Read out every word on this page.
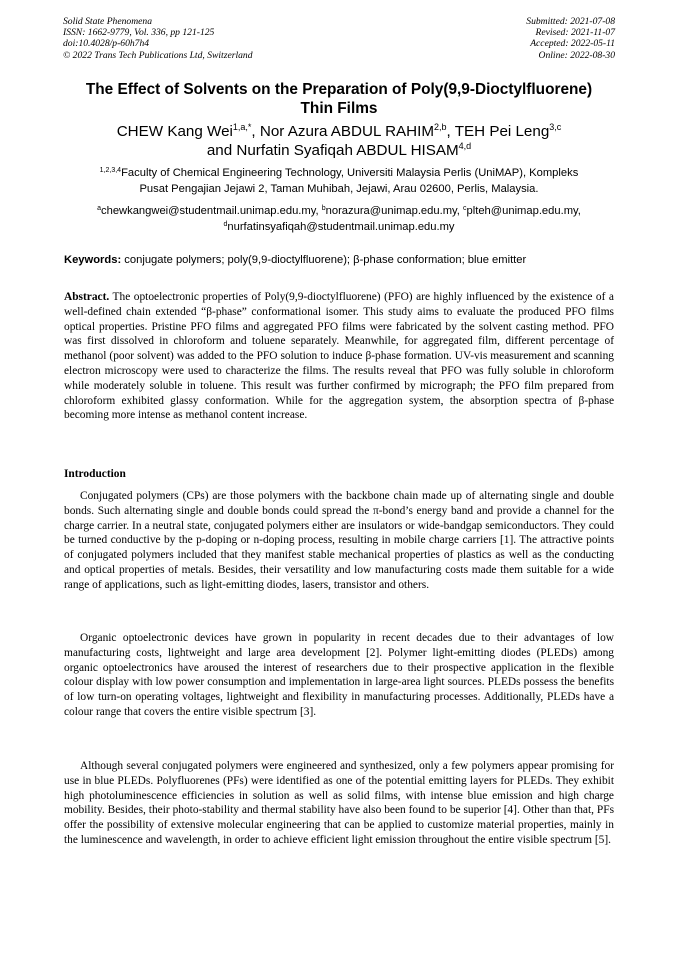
Solid State Phenomena
ISSN: 1662-9779, Vol. 336, pp 121-125
doi:10.4028/p-60h7h4
© 2022 Trans Tech Publications Ltd, Switzerland
Submitted: 2021-07-08
Revised: 2021-11-07
Accepted: 2022-05-11
Online: 2022-08-30
The Effect of Solvents on the Preparation of Poly(9,9-Dioctylfluorene)
Thin Films
CHEW Kang Wei$^{1,a,*}$, Nor Azura ABDUL RAHIM$^{2,b}$, TEH Pei Leng$^{3,c}$
and Nurfatin Syafiqah ABDUL HISAM$^{4,d}$
$^{1,2,3,4}$Faculty of Chemical Engineering Technology, Universiti Malaysia Perlis (UniMAP), Kompleks
Pusat Pengajian Jejawi 2, Taman Muhibah, Jejawi, Arau 02600, Perlis, Malaysia.
$^a$chewkangwei@studentmail.unimap.edu.my, $^b$norazura@unimap.edu.my, $^c$plteh@unimap.edu.my,
$^d$nurfatinsyafiqah@studentmail.unimap.edu.my
Keywords: conjugate polymers; poly(9,9-dioctylfluorene); β-phase conformation; blue emitter
Abstract. The optoelectronic properties of Poly(9,9-dioctylfluorene) (PFO) are highly influenced by the existence of a well-defined chain extended “β-phase” conformational isomer. This study aims to evaluate the produced PFO films optical properties. Pristine PFO films and aggregated PFO films were fabricated by the solvent casting method. PFO was first dissolved in chloroform and toluene separately. Meanwhile, for aggregated film, different percentage of methanol (poor solvent) was added to the PFO solution to induce β-phase formation. UV-vis measurement and scanning electron microscopy were used to characterize the films. The results reveal that PFO was fully soluble in chloroform while moderately soluble in toluene. This result was further confirmed by micrograph; the PFO film prepared from chloroform exhibited glassy conformation. While for the aggregation system, the absorption spectra of β-phase becoming more intense as methanol content increase.
Introduction
Conjugated polymers (CPs) are those polymers with the backbone chain made up of alternating single and double bonds. Such alternating single and double bonds could spread the π-bond’s energy band and provide a channel for the charge carrier. In a neutral state, conjugated polymers either are insulators or wide-bandgap semiconductors. They could be turned conductive by the p-doping or n-doping process, resulting in mobile charge carriers [1]. The attractive points of conjugated polymers included that they manifest stable mechanical properties of plastics as well as the conducting and optical properties of metals. Besides, their versatility and low manufacturing costs made them suitable for a wide range of applications, such as light-emitting diodes, lasers, transistor and others.
Organic optoelectronic devices have grown in popularity in recent decades due to their advantages of low manufacturing costs, lightweight and large area development [2]. Polymer light-emitting diodes (PLEDs) among organic optoelectronics have aroused the interest of researchers due to their prospective application in the flexible colour display with low power consumption and implementation in large-area light sources. PLEDs possess the benefits of low turn-on operating voltages, lightweight and flexibility in manufacturing processes. Additionally, PLEDs have a colour range that covers the entire visible spectrum [3].
Although several conjugated polymers were engineered and synthesized, only a few polymers appear promising for use in blue PLEDs. Polyfluorenes (PFs) were identified as one of the potential emitting layers for PLEDs. They exhibit high photoluminescence efficiencies in solution as well as solid films, with intense blue emission and high charge mobility. Besides, their photo-stability and thermal stability have also been found to be superior [4]. Other than that, PFs offer the possibility of extensive molecular engineering that can be applied to customize material properties, mainly in the luminescence and wavelength, in order to achieve efficient light emission throughout the entire visible spectrum [5].
